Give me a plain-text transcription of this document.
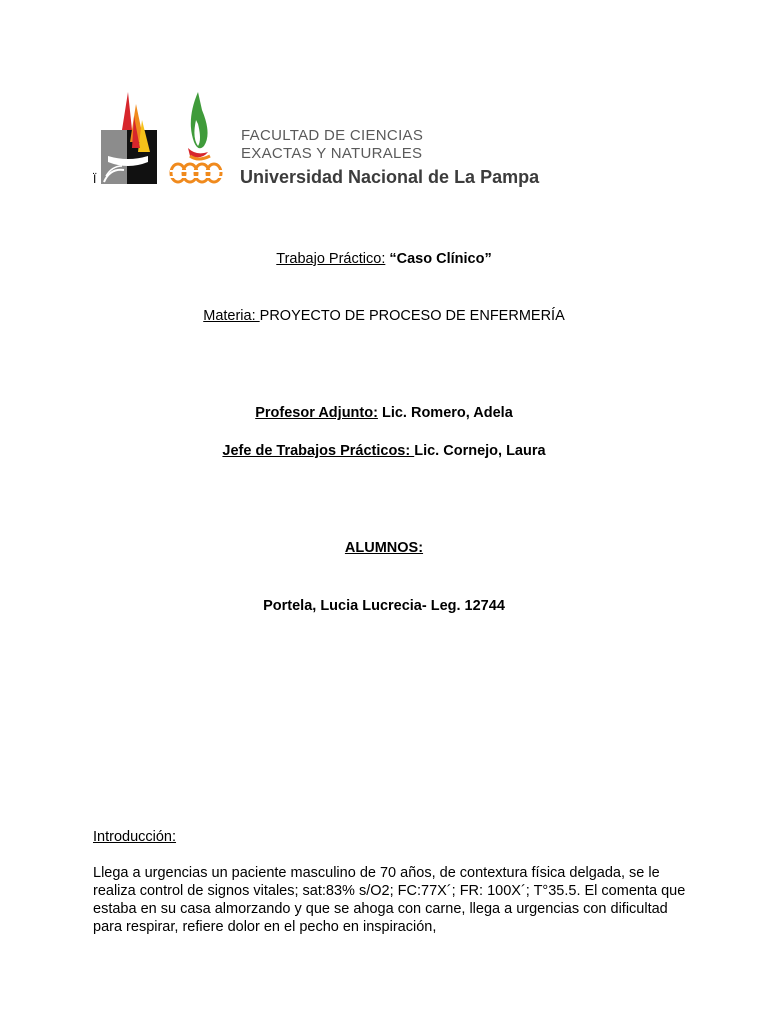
Ï
FACULTAD DE CIENCIAS
EXACTAS Y NATURALES
Universidad Nacional de La Pampa
Trabajo Práctico: “Caso Clínico”
Materia: PROYECTO DE PROCESO DE ENFERMERÍA
Profesor Adjunto: Lic. Romero, Adela
Jefe de Trabajos Prácticos: Lic. Cornejo, Laura
ALUMNOS:
Portela, Lucia Lucrecia- Leg. 12744
Introducción:
Llega a urgencias un paciente masculino de 70 años, de contextura física delgada, se le
realiza control de signos vitales; sat:83% s/O2; FC:77X´; FR: 100X´; T°35.5. El comenta que
estaba en su casa almorzando y que se ahoga con carne, llega a urgencias con dificultad
para respirar, refiere dolor en el pecho en inspiración,
